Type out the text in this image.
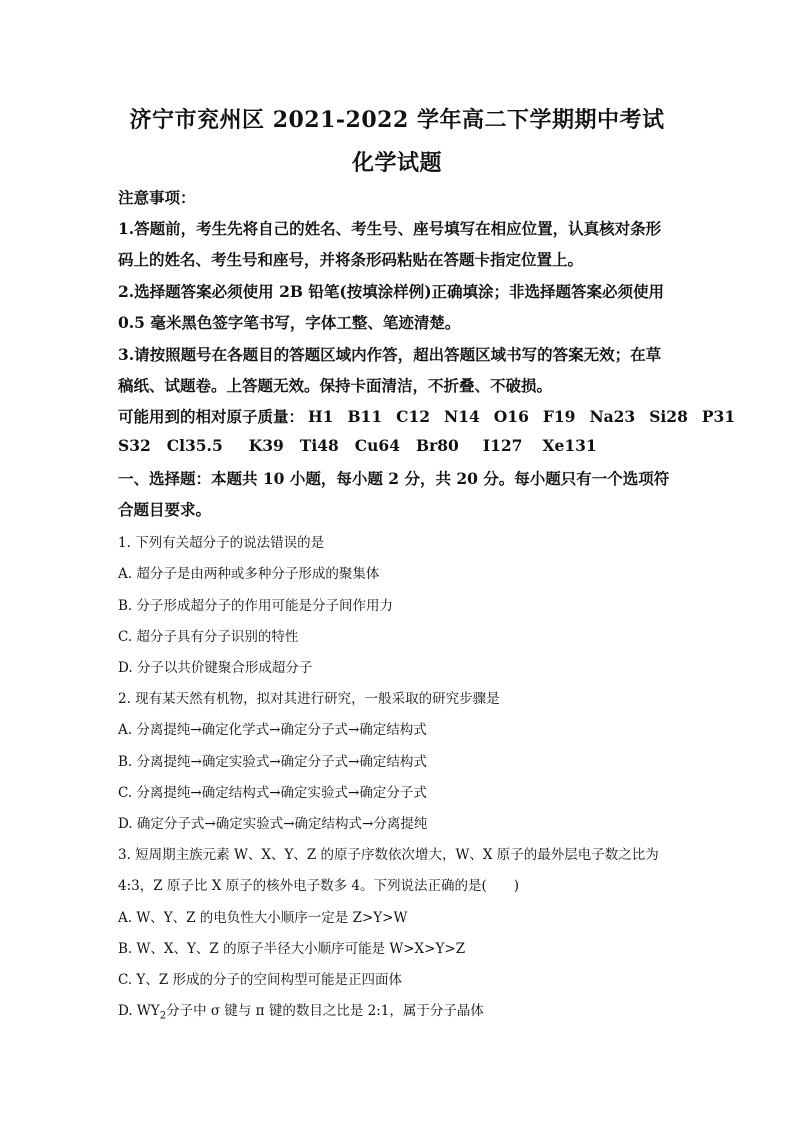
济宁市兖州区 2021-2022 学年高二下学期期中考试
化学试题
注意事项：
1.答题前，考生先将自己的姓名、考生号、座号填写在相应位置，认真核对条形
码上的姓名、考生号和座号，并将条形码粘贴在答题卡指定位置上。
2.选择题答案必须使用 2B 铅笔(按填涂样例)正确填涂；非选择题答案必须使用
0.5 毫米黑色签字笔书写，字体工整、笔迹清楚。
3.请按照题号在各题目的答题区域内作答，超出答题区域书写的答案无效；在草
稿纸、试题卷。上答题无效。保持卡面清洁，不折叠、不破损。
可能用到的相对原子质量： H1 B11 C12 N14 O16 F19 Na23 Si28 P31
S32 Cl35.5 K39 Ti48 Cu64 Br80 I127 Xe131
一、选择题：本题共 10 小题，每小题 2 分，共 20 分。每小题只有一个选项符
合题目要求。
1. 下列有关超分子的说法错误的是
A. 超分子是由两种或多种分子形成的聚集体
B. 分子形成超分子的作用可能是分子间作用力
C. 超分子具有分子识别的特性
D. 分子以共价键聚合形成超分子
2. 现有某天然有机物，拟对其进行研究，一般采取的研究步骤是
A. 分离提纯→确定化学式→确定分子式→确定结构式
B. 分离提纯→确定实验式→确定分子式→确定结构式
C. 分离提纯→确定结构式→确定实验式→确定分子式
D. 确定分子式→确定实验式→确定结构式→分离提纯
3. 短周期主族元素 W、X、Y、Z 的原子序数依次增大，W、X 原子的最外层电子数之比为
4:3，Z 原子比 X 原子的核外电子数多 4。下列说法正确的是(　　)
A. W、Y、Z 的电负性大小顺序一定是 Z>Y>W
B. W、X、Y、Z 的原子半径大小顺序可能是 W>X>Y>Z
C. Y、Z 形成的分子的空间构型可能是正四面体
D. $WY_2$分子中 σ 键与 π 键的数目之比是 2:1，属于分子晶体
